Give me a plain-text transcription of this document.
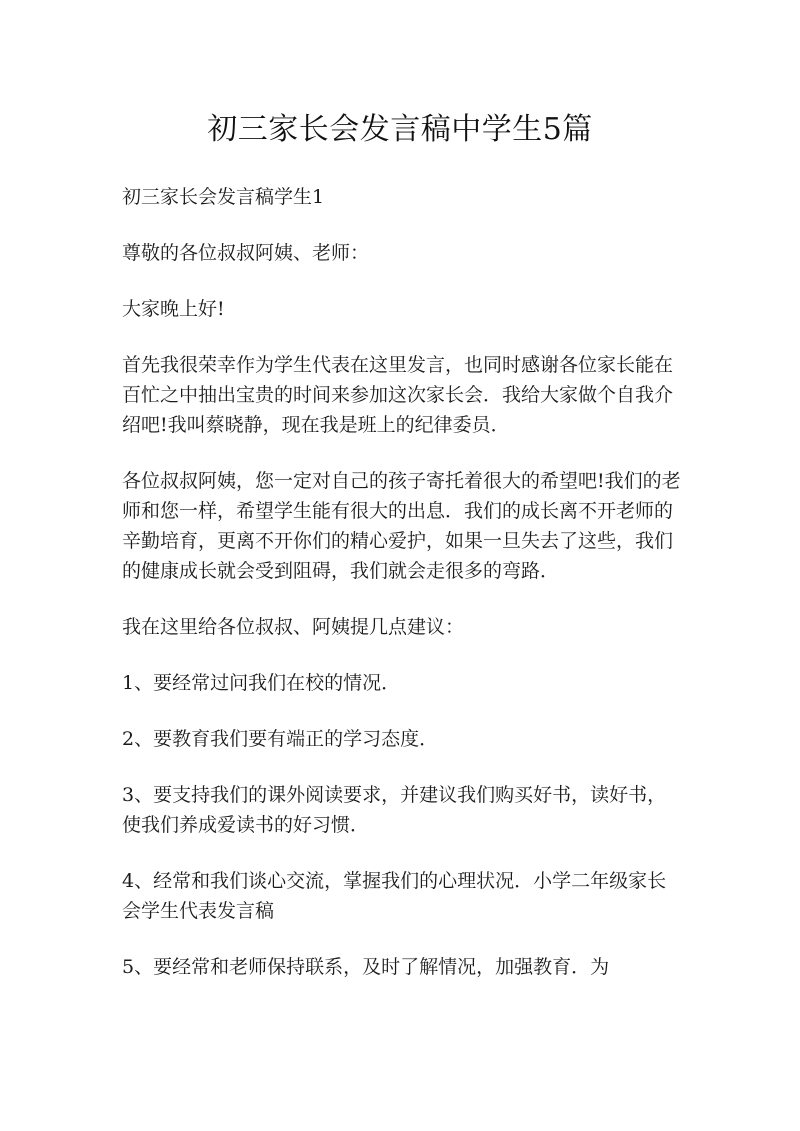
初三家长会发言稿中学生5篇

初三家长会发言稿学生1

尊敬的各位叔叔阿姨、老师：

大家晚上好!

首先我很荣幸作为学生代表在这里发言，也同时感谢各位家长能在百忙之中抽出宝贵的时间来参加这次家长会．我给大家做个自我介绍吧!我叫蔡晓静，现在我是班上的纪律委员．

各位叔叔阿姨，您一定对自己的孩子寄托着很大的希望吧!我们的老师和您一样，希望学生能有很大的出息．我们的成长离不开老师的辛勤培育，更离不开你们的精心爱护，如果一旦失去了这些，我们的健康成长就会受到阻碍，我们就会走很多的弯路．

我在这里给各位叔叔、阿姨提几点建议：

1、要经常过问我们在校的情况．

2、要教育我们要有端正的学习态度．

3、要支持我们的课外阅读要求，并建议我们购买好书，读好书，使我们养成爱读书的好习惯．

4、经常和我们谈心交流，掌握我们的心理状况．小学二年级家长会学生代表发言稿

5、要经常和老师保持联系，及时了解情况，加强教育．为
